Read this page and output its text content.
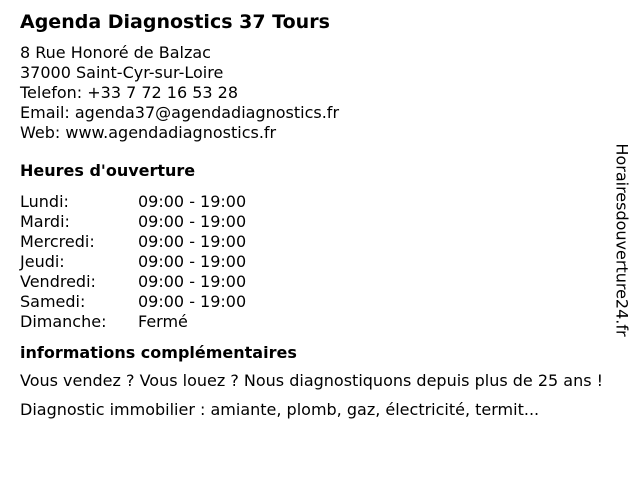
Agenda Diagnostics 37 Tours
8 Rue Honoré de Balzac
37000 Saint-Cyr-sur-Loire
Telefon: +33 7 72 16 53 28
Email: agenda37@agendadiagnostics.fr
Web: www.agendadiagnostics.fr
Heures d'ouverture
Lundi:	09:00 - 19:00
Mardi:	09:00 - 19:00
Mercredi:	09:00 - 19:00
Jeudi:	09:00 - 19:00
Vendredi:	09:00 - 19:00
Samedi:	09:00 - 19:00
Dimanche:	Fermé
informations complémentaires

Vous vendez ? Vous louez ? Nous diagnostiquons depuis plus de 25 ans !

Diagnostic immobilier : amiante, plomb, gaz, électricité, termit...

Horairesdouverture24.fr
